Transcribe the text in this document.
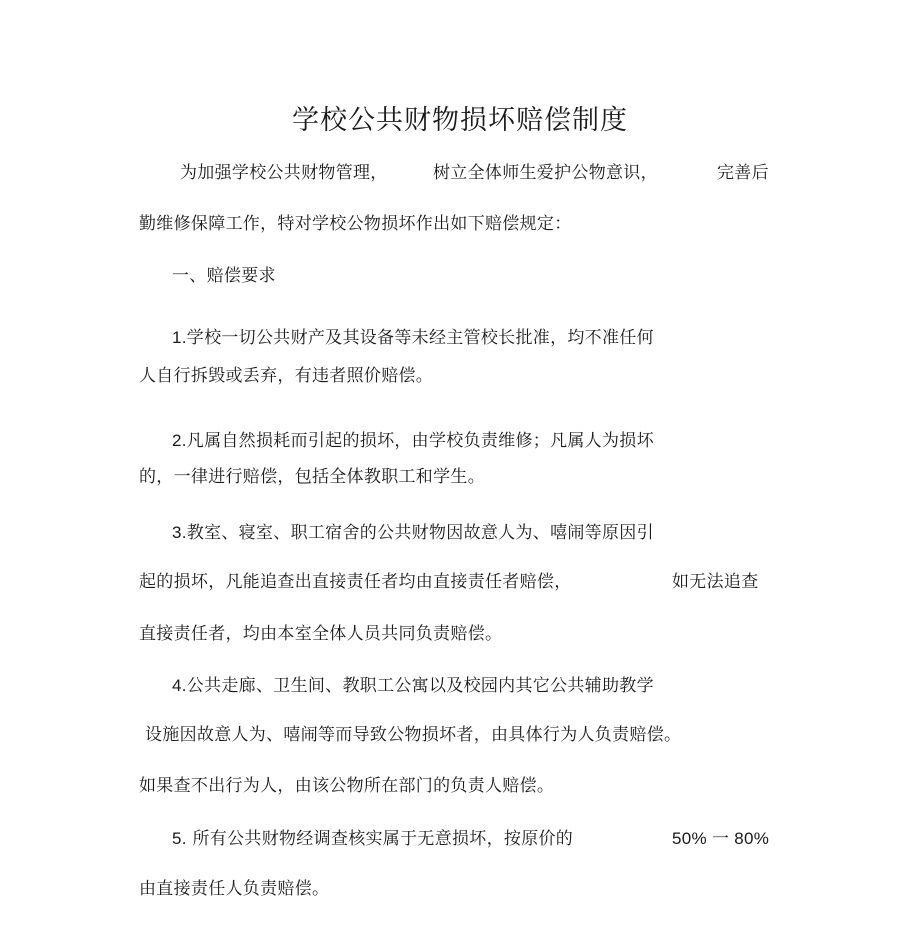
学校公共财物损坏赔偿制度
为加强学校公共财物管理，	树立全体师生爱护公物意识，	完善后
勤维修保障工作，特对学校公物损坏作出如下赔偿规定：
一、赔偿要求
1.学校一切公共财产及其设备等未经主管校长批准，均不准任何
人自行拆毁或丢弃，有违者照价赔偿。
2.凡属自然损耗而引起的损坏，由学校负责维修；凡属人为损坏
的，一律进行赔偿，包括全体教职工和学生。
3.教室、寝室、职工宿舍的公共财物因故意人为、嘻闹等原因引
起的损坏，凡能追查出直接责任者均由直接责任者赔偿，	如无法追查
直接责任者，均由本室全体人员共同负责赔偿。
4.公共走廊、卫生间、教职工公寓以及校园内其它公共辅助教学
设施因故意人为、嘻闹等而导致公物损坏者，由具体行为人负责赔偿。
如果查不出行为人，由该公物所在部门的负责人赔偿。
5. 所有公共财物经调查核实属于无意损坏，按原价的	50% 一 80%
由直接责任人负责赔偿。
